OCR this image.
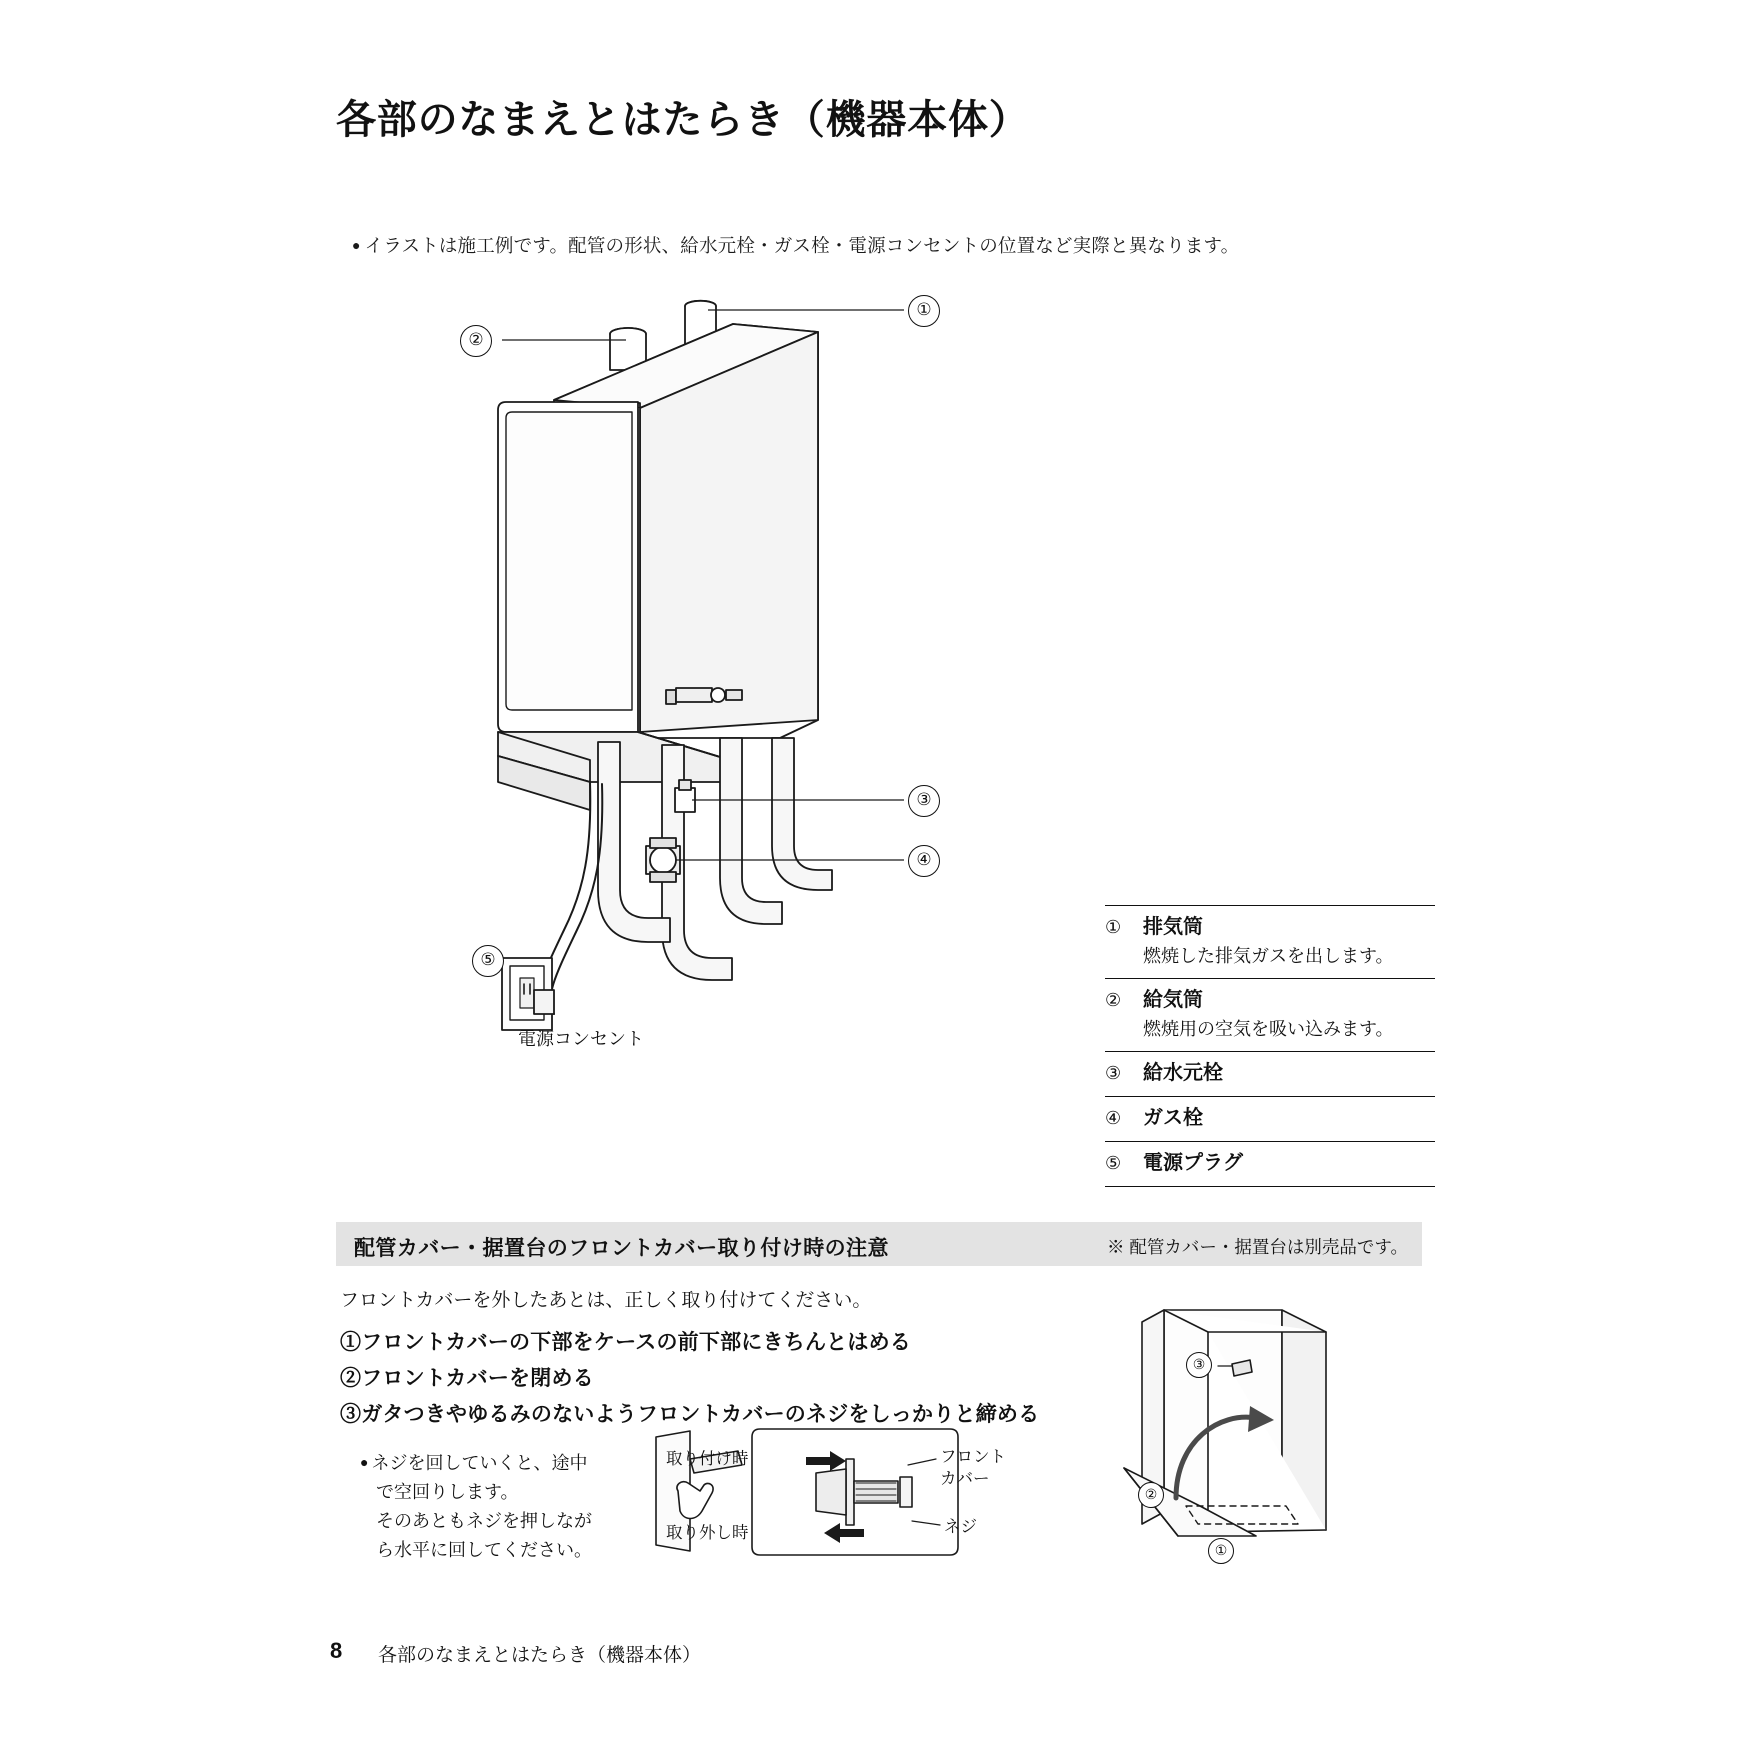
各部のなまえとはたらき（機器本体）
● イラストは施工例です。配管の形状、給水元栓・ガス栓・電源コンセントの位置など実際と異なります。
①
②
③
④
⑤
電源コンセント
①	排気筒
燃焼した排気ガスを出します。
②	給気筒
燃焼用の空気を吸い込みます。
③	給水元栓
④	ガス栓
⑤	電源プラグ
配管カバー・据置台のフロントカバー取り付け時の注意	※ 配管カバー・据置台は別売品です。
フロントカバーを外したあとは、正しく取り付けてください。
①フロントカバーの下部をケースの前下部にきちんとはめる
②フロントカバーを閉める
③ガタつきやゆるみのないようフロントカバーのネジをしっかりと締める
● ネジを回していくと、途中
で空回りします。
そのあともネジを押しなが
ら水平に回してください。
取り付け時
取り外し時
フロント
カバー
ネジ
③
②
①
8 各部のなまえとはたらき（機器本体）
